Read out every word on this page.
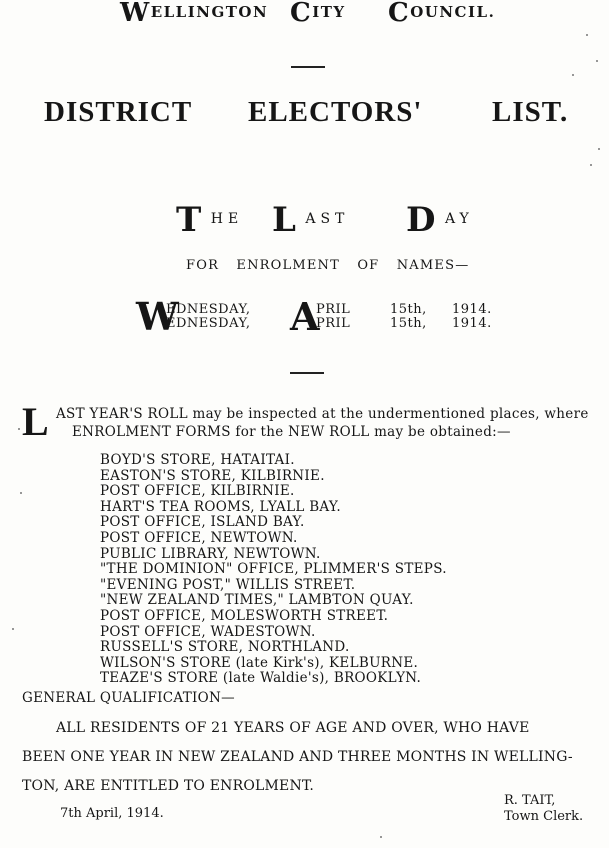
WELLINGTON CITY COUNCIL.
DISTRICT ELECTORS' LIST.
T HE L AST D AY
FOR ENROLMENT OF NAMES—
W
EDNESDAY,
EDNESDAY, A
PRIL
PRIL
15th,
15th,
1914.
1914.
L AST YEAR'S ROLL may be inspected at the undermentioned places, where
ENROLMENT FORMS for the NEW ROLL may be obtained:—
BOYD'S STORE, HATAITAI.
EASTON'S STORE, KILBIRNIE.
POST OFFICE, KILBIRNIE.
HART'S TEA ROOMS, LYALL BAY.
POST OFFICE, ISLAND BAY.
POST OFFICE, NEWTOWN.
PUBLIC LIBRARY, NEWTOWN.
"THE DOMINION" OFFICE, PLIMMER'S STEPS.
"EVENING POST," WILLIS STREET.
"NEW ZEALAND TIMES," LAMBTON QUAY.
POST OFFICE, MOLESWORTH STREET.
POST OFFICE, WADESTOWN.
RUSSELL'S STORE, NORTHLAND.
WILSON'S STORE (late Kirk's), KELBURNE.
TEAZE'S STORE (late Waldie's), BROOKLYN.
GENERAL QUALIFICATION—
ALL RESIDENTS OF 21 YEARS OF AGE AND OVER, WHO HAVE
BEEN ONE YEAR IN NEW ZEALAND AND THREE MONTHS IN WELLING-
TON, ARE ENTITLED TO ENROLMENT.
7th April, 1914.
R. TAIT,
Town Clerk.
